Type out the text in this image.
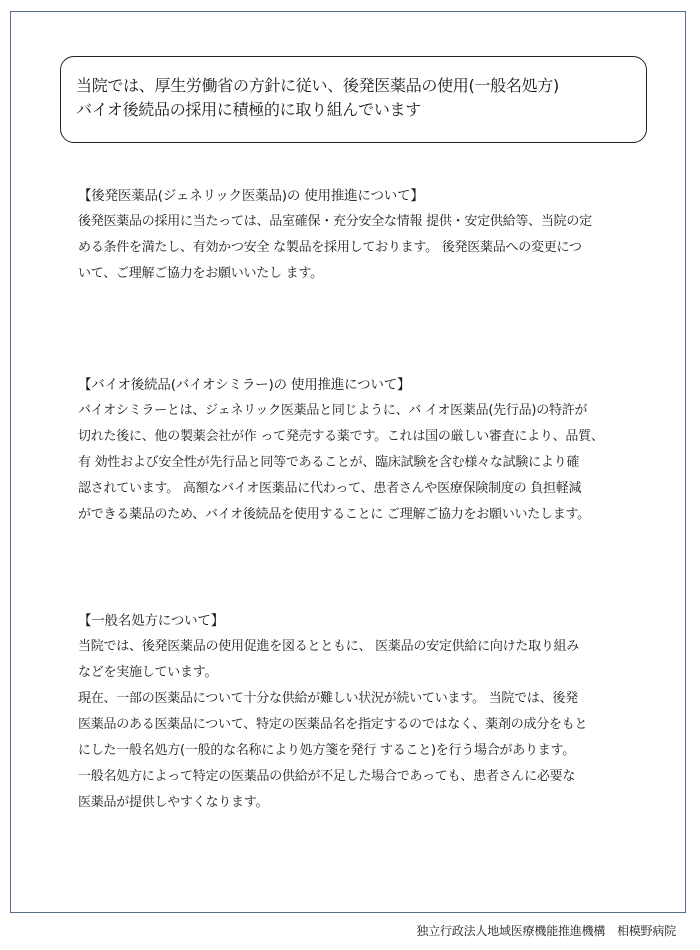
当院では、厚生労働省の方針に従い、後発医薬品の使用(一般名処方)
バイオ後続品の採用に積極的に取り組んでいます
【後発医薬品(ジェネリック医薬品)の 使用推進について】
後発医薬品の採用に当たっては、品室確保・充分安全な情報 提供・安定供給等、当院の定
める条件を満たし、有効かつ安全 な製品を採用しております。 後発医薬品への変更につ
いて、ご理解ご協力をお願いいたし ます。
【バイオ後続品(バイオシミラー)の 使用推進について】
バイオシミラーとは、ジェネリック医薬品と同じように、バ イオ医薬品(先行品)の特許が
切れた後に、他の製薬会社が作 って発売する薬です。これは国の厳しい審査により、品質、
有 効性および安全性が先行品と同等であることが、臨床試験を含む様々な試験により確
認されています。 高額なバイオ医薬品に代わって、患者さんや医療保険制度の 負担軽減
ができる薬品のため、バイオ後続品を使用することに ご理解ご協力をお願いいたします。
【一般名処方について】
当院では、後発医薬品の使用促進を図るとともに、 医薬品の安定供給に向けた取り組み
などを実施しています。
現在、一部の医薬品について十分な供給が難しい状況が続いています。 当院では、後発
医薬品のある医薬品について、特定の医薬品名を指定するのではなく、薬剤の成分をもと
にした一般名処方(一般的な名称により処方箋を発行 すること)を行う場合があります。
一般名処方によって特定の医薬品の供給が不足した場合であっても、患者さんに必要な
医薬品が提供しやすくなります。
独立行政法人地域医療機能推進機構　相模野病院
